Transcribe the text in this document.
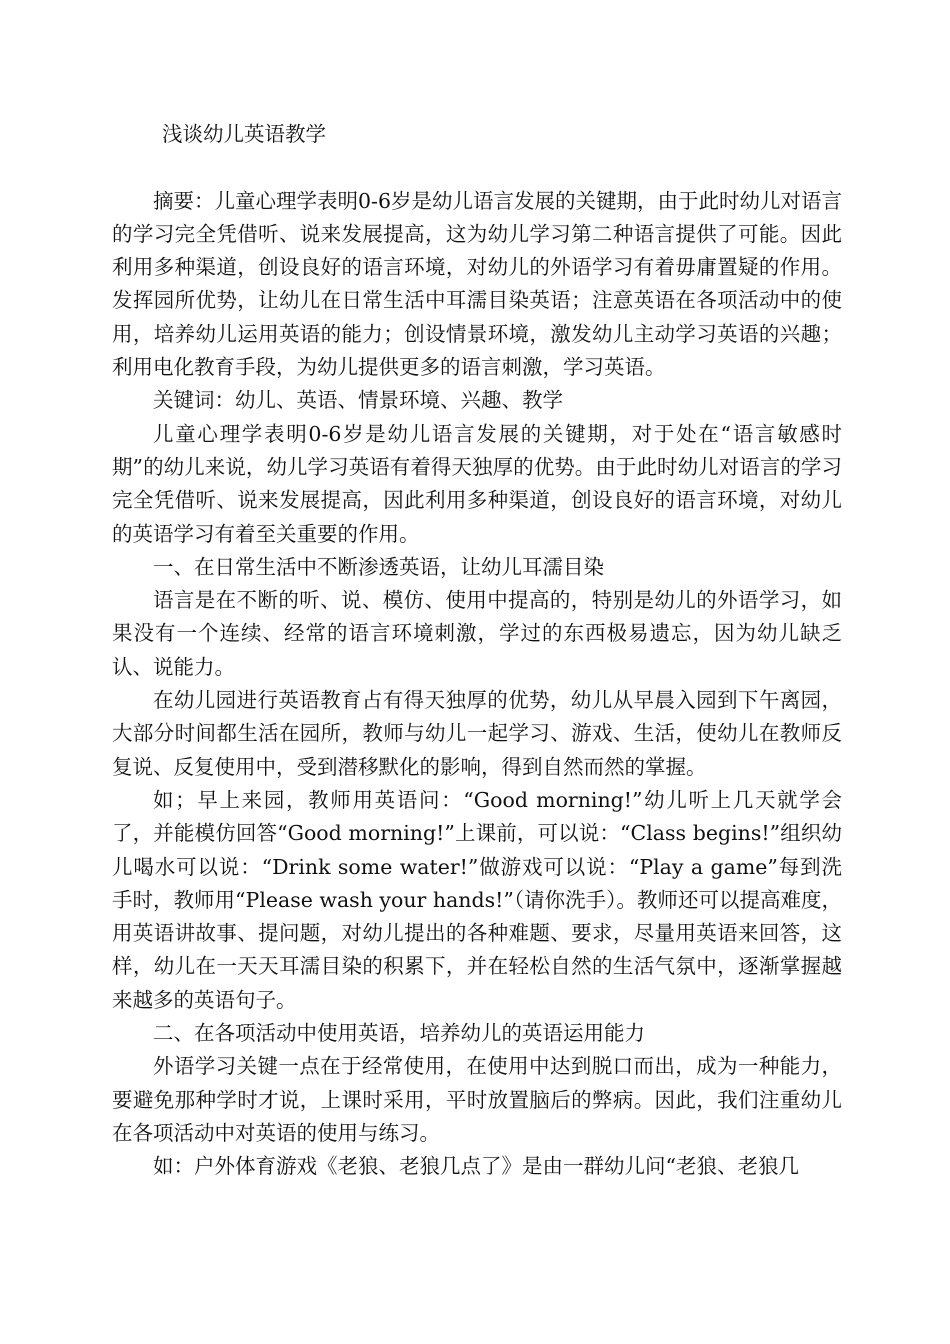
浅谈幼儿英语教学

摘要：儿童心理学表明0-6岁是幼儿语言发展的关键期，由于此时幼儿对语言的学习完全凭借听、说来发展提高，这为幼儿学习第二种语言提供了可能。因此利用多种渠道，创设良好的语言环境，对幼儿的外语学习有着毋庸置疑的作用。发挥园所优势，让幼儿在日常生活中耳濡目染英语；注意英语在各项活动中的使用，培养幼儿运用英语的能力；创设情景环境，激发幼儿主动学习英语的兴趣；利用电化教育手段，为幼儿提供更多的语言刺激，学习英语。

关键词：幼儿、英语、情景环境、兴趣、教学

儿童心理学表明0-6岁是幼儿语言发展的关键期，对于处在“语言敏感时期”的幼儿来说，幼儿学习英语有着得天独厚的优势。由于此时幼儿对语言的学习完全凭借听、说来发展提高，因此利用多种渠道，创设良好的语言环境，对幼儿的英语学习有着至关重要的作用。

一、在日常生活中不断渗透英语，让幼儿耳濡目染

语言是在不断的听、说、模仿、使用中提高的，特别是幼儿的外语学习，如果没有一个连续、经常的语言环境刺激，学过的东西极易遗忘，因为幼儿缺乏认、说能力。

在幼儿园进行英语教育占有得天独厚的优势，幼儿从早晨入园到下午离园，大部分时间都生活在园所，教师与幼儿一起学习、游戏、生活，使幼儿在教师反复说、反复使用中，受到潜移默化的影响，得到自然而然的掌握。

如；早上来园，教师用英语问：“Good morning!”幼儿听上几天就学会了，并能模仿回答“Good morning!”上课前，可以说：“Class begins!”组织幼儿喝水可以说：“Drink some water!”做游戏可以说：“Play a game”每到洗手时，教师用“Please wash your hands!”（请你洗手）。教师还可以提高难度，用英语讲故事、提问题，对幼儿提出的各种难题、要求，尽量用英语来回答，这样，幼儿在一天天耳濡目染的积累下，并在轻松自然的生活气氛中，逐渐掌握越来越多的英语句子。

二、在各项活动中使用英语，培养幼儿的英语运用能力

外语学习关键一点在于经常使用，在使用中达到脱口而出，成为一种能力，要避免那种学时才说，上课时采用，平时放置脑后的弊病。因此，我们注重幼儿在各项活动中对英语的使用与练习。

如：户外体育游戏《老狼、老狼几点了》是由一群幼儿问“老狼、老狼几
